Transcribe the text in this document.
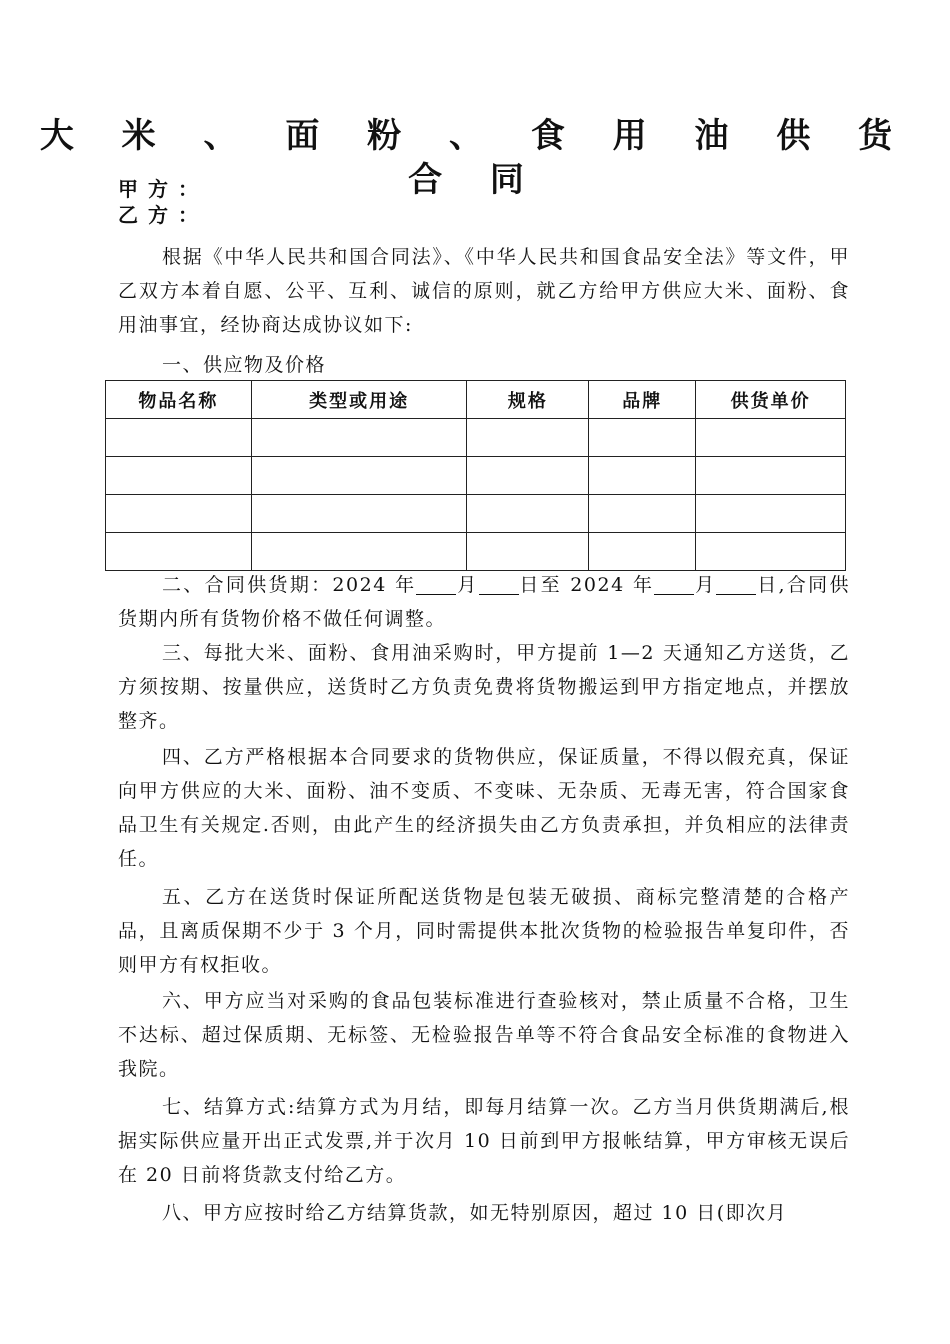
大 米 、 面 粉 、 食 用 油 供 货 合 同
甲方：
乙方：

根据《中华人民共和国合同法》、《中华人民共和国食品安全法》等文件，甲乙双方本着自愿、公平、互利、诚信的原则，就乙方给甲方供应大米、面粉、食用油事宜，经协商达成协议如下:

一、供应物及价格
物品名称	类型或用途	规格	品牌	供货单价

二、合同供货期：2024 年 月 日至 2024 年 月 日,合同供货期内所有货物价格不做任何调整。

三、每批大米、面粉、食用油采购时，甲方提前 1—2 天通知乙方送货，乙方须按期、按量供应，送货时乙方负责免费将货物搬运到甲方指定地点，并摆放整齐。

四、乙方严格根据本合同要求的货物供应，保证质量，不得以假充真，保证向甲方供应的大米、面粉、油不变质、不变味、无杂质、无毒无害，符合国家食品卫生有关规定.否则，由此产生的经济损失由乙方负责承担，并负相应的法律责任。

五、乙方在送货时保证所配送货物是包装无破损、商标完整清楚的合格产品，且离质保期不少于 3 个月，同时需提供本批次货物的检验报告单复印件，否则甲方有权拒收。

六、甲方应当对采购的食品包装标准进行查验核对，禁止质量不合格，卫生不达标、超过保质期、无标签、无检验报告单等不符合食品安全标准的食物进入我院。

七、结算方式:结算方式为月结，即每月结算一次。乙方当月供货期满后,根据实际供应量开出正式发票,并于次月 10 日前到甲方报帐结算，甲方审核无误后在 20 日前将货款支付给乙方。

八、甲方应按时给乙方结算货款，如无特别原因，超过 10 日(即次月
